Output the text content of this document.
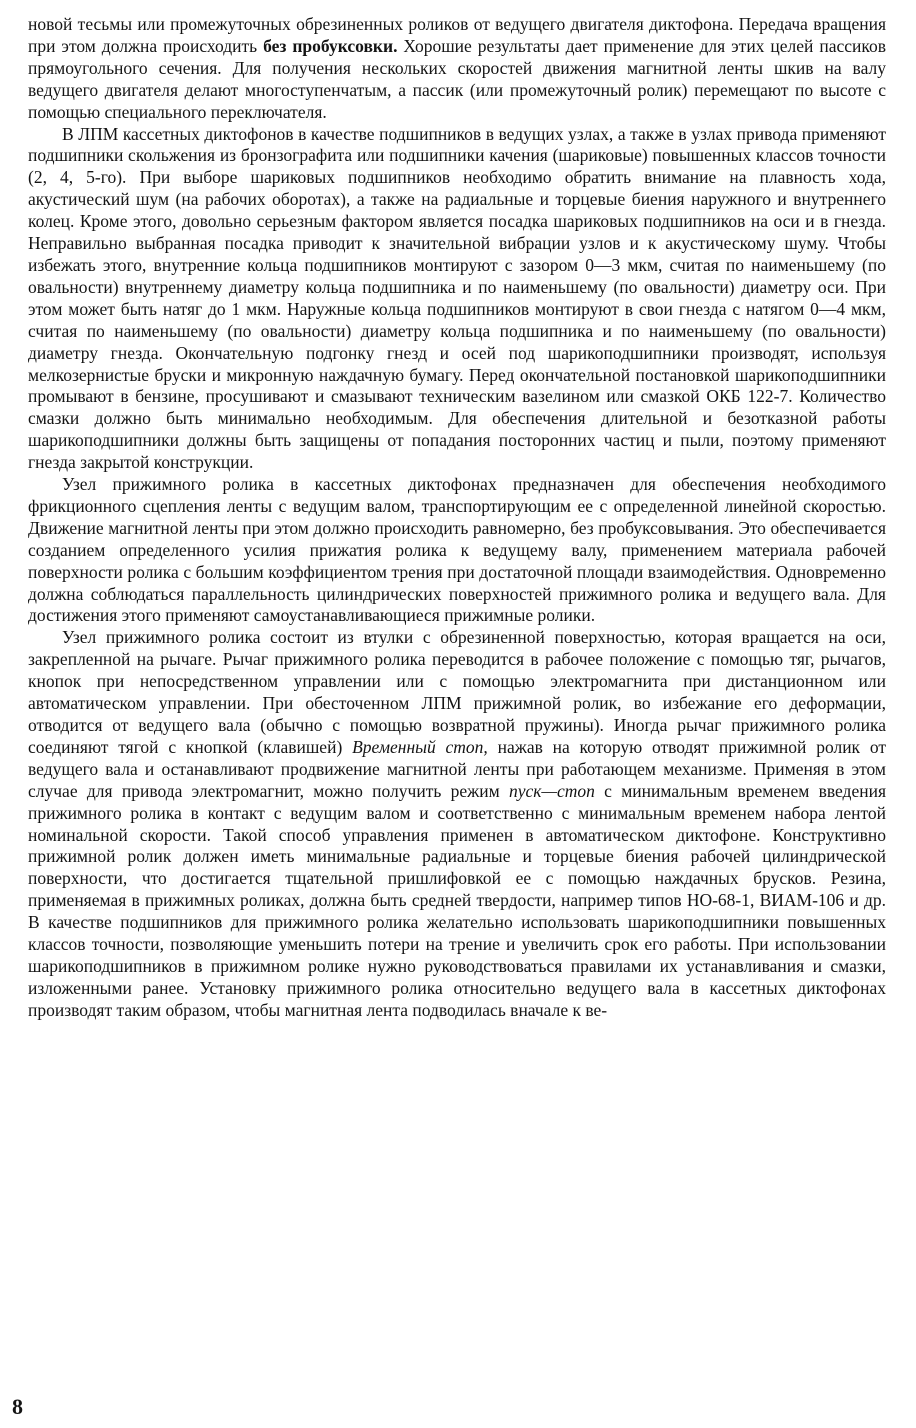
новой тесьмы или промежуточных обрезиненных роликов от ведущего двигателя диктофона. Передача вращения при этом должна происходить без пробуксовки. Хорошие результаты дает применение для этих целей пассиков прямоугольного сечения. Для получения нескольких скоростей движения магнитной ленты шкив на валу ведущего двигателя делают многоступенчатым, а пассик (или промежуточный ролик) перемещают по высоте с помощью специального переключателя.

В ЛПМ кассетных диктофонов в качестве подшипников в ведущих узлах, а также в узлах привода применяют подшипники скольжения из бронзографита или подшипники качения (шариковые) повышенных классов точности (2, 4, 5-го). При выборе шариковых подшипников необходимо обратить внимание на плавность хода, акустический шум (на рабочих оборотах), а также на радиальные и торцевые биения наружного и внутреннего колец. Кроме этого, довольно серьезным фактором является посадка шариковых подшипников на оси и в гнезда. Неправильно выбранная посадка приводит к значительной вибрации узлов и к акустическому шуму. Чтобы избежать этого, внутренние кольца подшипников монтируют с зазором 0—3 мкм, считая по наименьшему (по овальности) внутреннему диаметру кольца подшипника и по наименьшему (по овальности) диаметру оси. При этом может быть натяг до 1 мкм. Наружные кольца подшипников монтируют в свои гнезда с натягом 0—4 мкм, считая по наименьшему (по овальности) диаметру кольца подшипника и по наименьшему (по овальности) диаметру гнезда. Окончательную подгонку гнезд и осей под шарикоподшипники производят, используя мелкозернистые бруски и микронную наждачную бумагу. Перед окончательной постановкой шарикоподшипники промывают в бензине, просушивают и смазывают техническим вазелином или смазкой ОКБ 122-7. Количество смазки должно быть минимально необходимым. Для обеспечения длительной и безотказной работы шарикоподшипники должны быть защищены от попадания посторонних частиц и пыли, поэтому применяют гнезда закрытой конструкции.

Узел прижимного ролика в кассетных диктофонах предназначен для обеспечения необходимого фрикционного сцепления ленты с ведущим валом, транспортирующим ее с определенной линейной скоростью. Движение магнитной ленты при этом должно происходить равномерно, без пробуксовывания. Это обеспечивается созданием определенного усилия прижатия ролика к ведущему валу, применением материала рабочей поверхности ролика с большим коэффициентом трения при достаточной площади взаимодействия. Одновременно должна соблюдаться параллельность цилиндрических поверхностей прижимного ролика и ведущего вала. Для достижения этого применяют самоустанавливающиеся прижимные ролики.

Узел прижимного ролика состоит из втулки с обрезиненной поверхностью, которая вращается на оси, закрепленной на рычаге. Рычаг прижимного ролика переводится в рабочее положение с помощью тяг, рычагов, кнопок при непосредственном управлении или с помощью электромагнита при дистанционном или автоматическом управлении. При обесточенном ЛПМ прижимной ролик, во избежание его деформации, отводится от ведущего вала (обычно с помощью возвратной пружины). Иногда рычаг прижимного ролика соединяют тягой с кнопкой (клавишей) Временный стоп, нажав на которую отводят прижимной ролик от ведущего вала и останавливают продвижение магнитной ленты при работающем механизме. Применяя в этом случае для привода электромагнит, можно получить режим пуск—стоп с минимальным временем введения прижимного ролика в контакт с ведущим валом и соответственно с минимальным временем набора лентой номинальной скорости. Такой способ управления применен в автоматическом диктофоне. Конструктивно прижимной ролик должен иметь минимальные радиальные и торцевые биения рабочей цилиндрической поверхности, что достигается тщательной пришлифовкой ее с помощью наждачных брусков. Резина, применяемая в прижимных роликах, должна быть средней твердости, например типов НО-68-1, ВИАМ-106 и др. В качестве подшипников для прижимного ролика желательно использовать шарикоподшипники повышенных классов точности, позволяющие уменьшить потери на трение и увеличить срок его работы. При использовании шарикоподшипников в прижимном ролике нужно руководствоваться правилами их устанавливания и смазки, изложенными ранее. Установку прижимного ролика относительно ведущего вала в кассетных диктофонах производят таким образом, чтобы магнитная лента подводилась вначале к ве-

8
